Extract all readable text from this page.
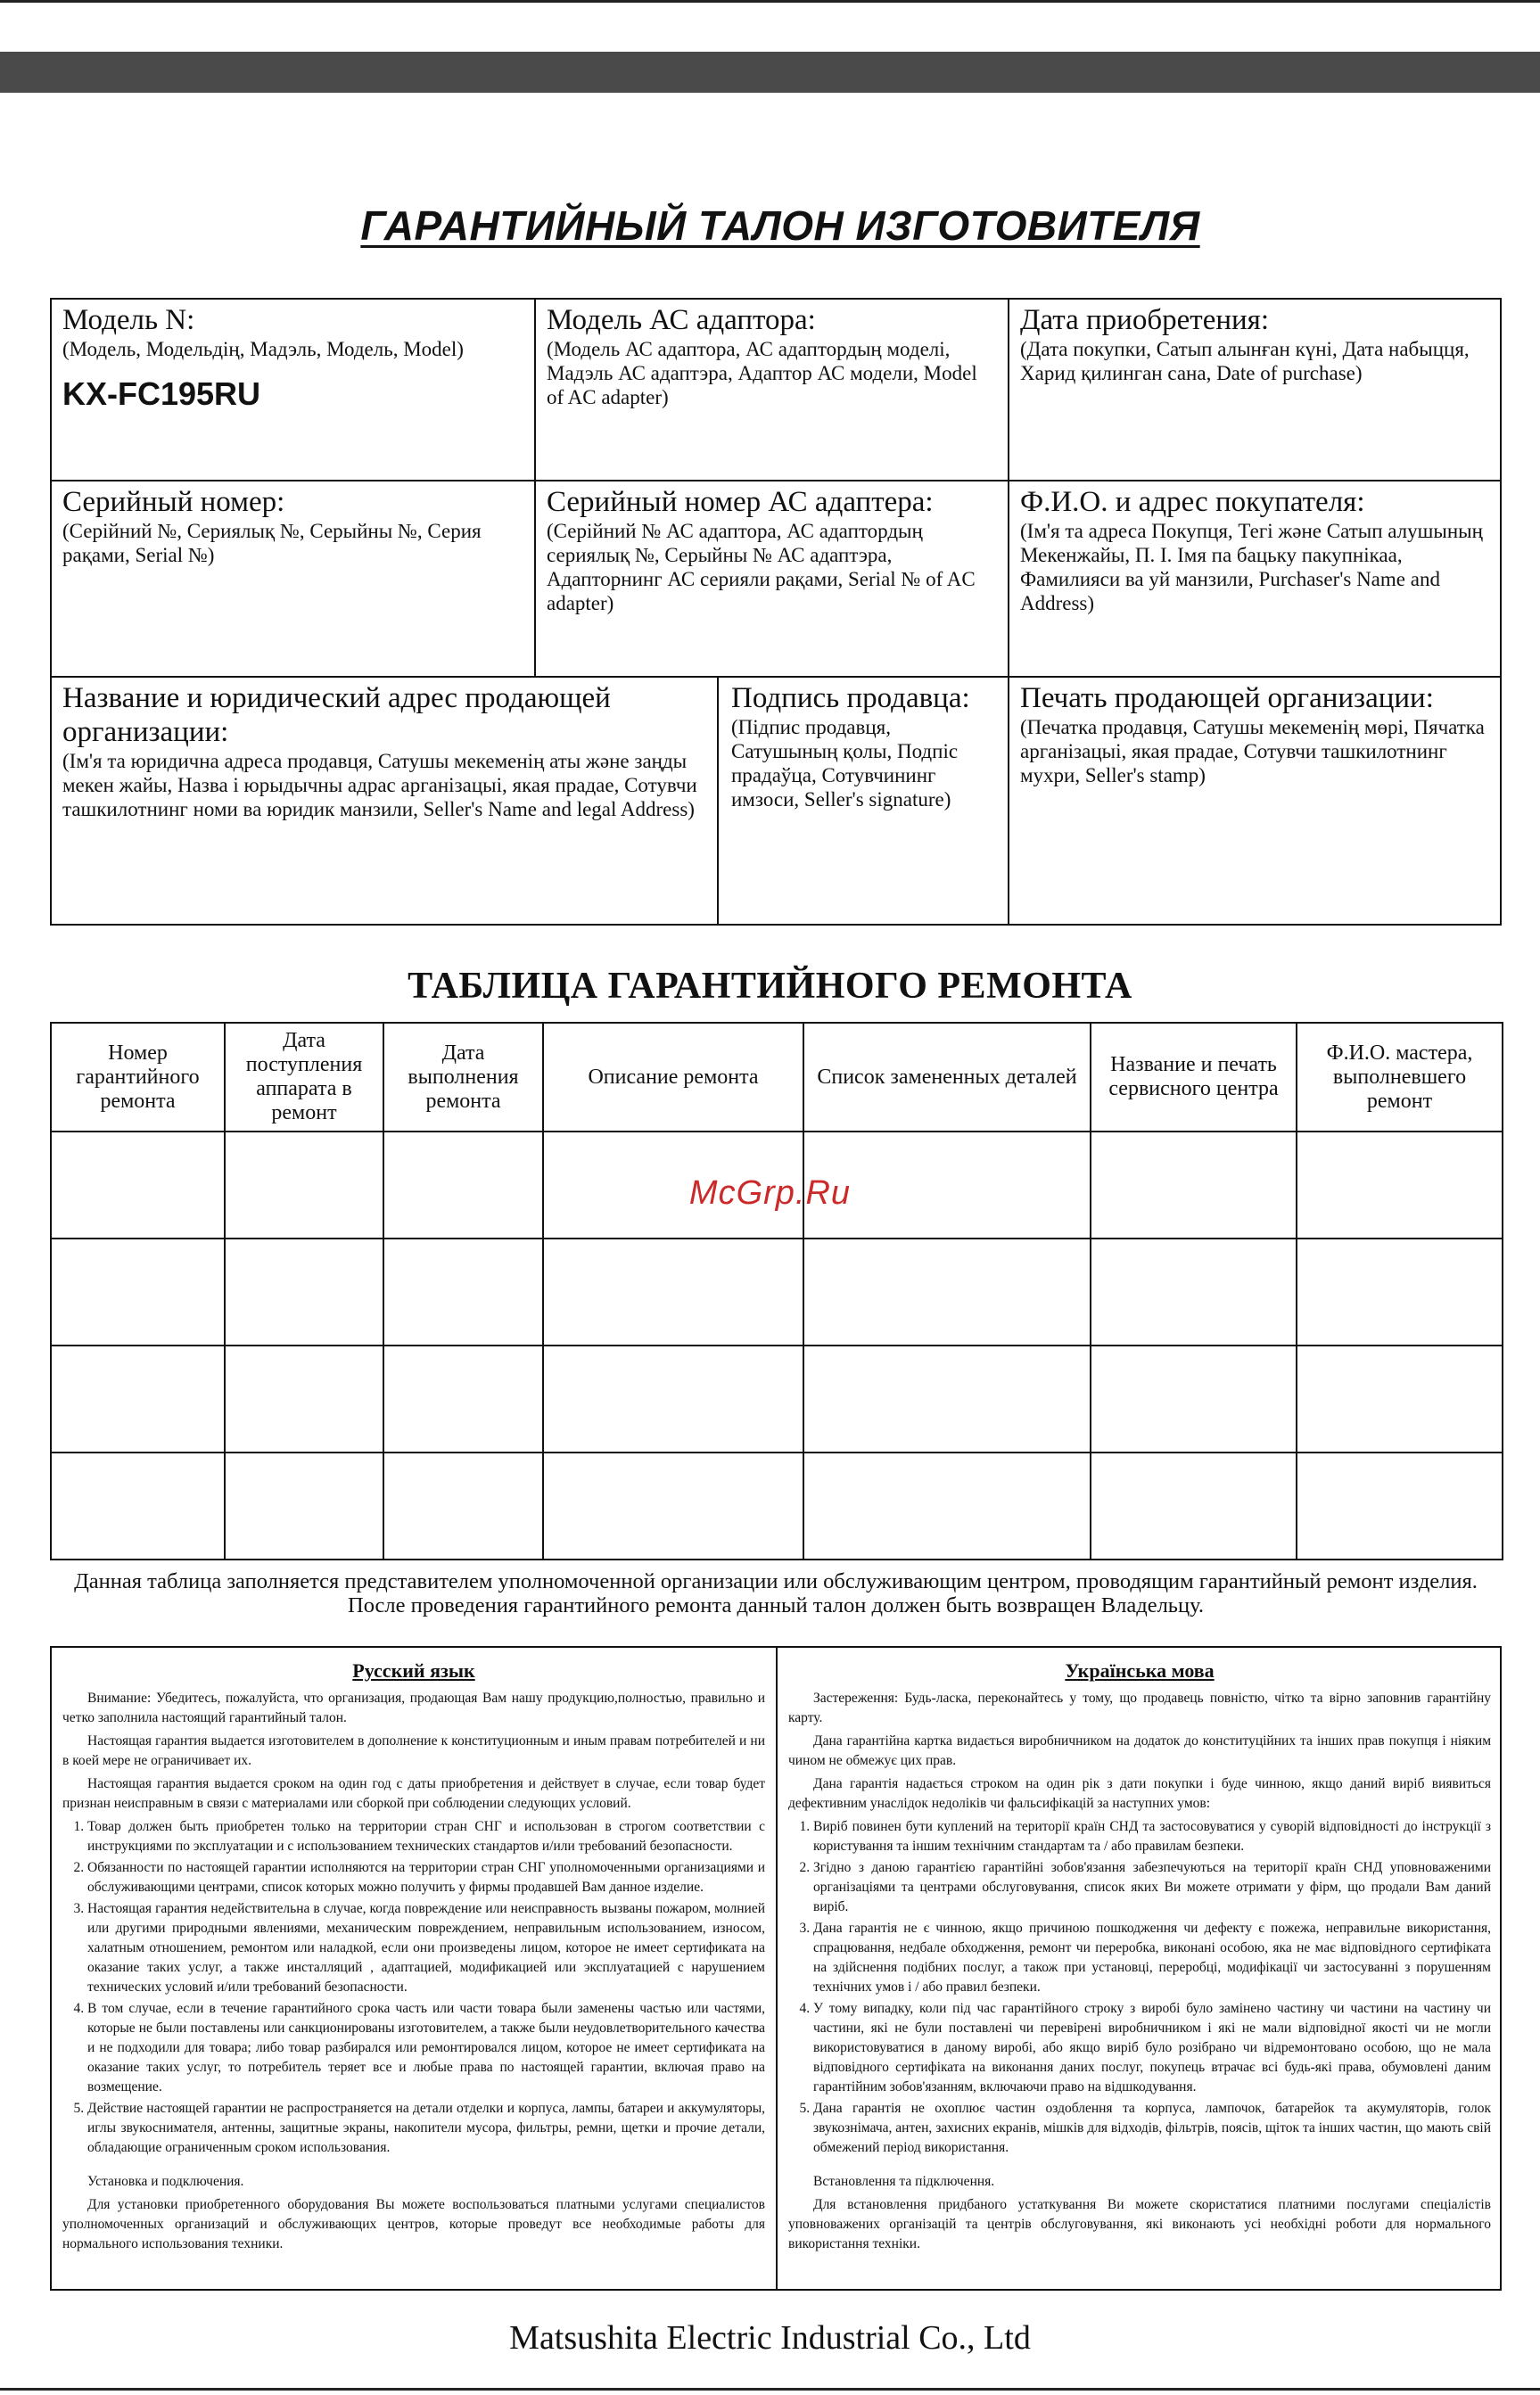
ГАРАНТИЙНЫЙ ТАЛОН ИЗГОТОВИТЕЛЯ
Модель N:
(Модель, Модельдің, Мадэль, Модель, Model)
KX-FC195RU
Модель АС адаптора:
(Модель АС адаптора, АС адаптордың моделі, Мадэль АС адаптэра, Адаптор АС модели, Model of AC adapter)
Дата приобретения:
(Дата покупки, Сатып алынған күні, Дата набыцця, Харид қилинган сана, Date of purchase)
Серийный номер:
(Серійний №, Сериялық №, Серыйны №, Серия рақами, Serial №)
Серийный номер АС адаптера:
(Серійний № АС адаптора, АС адаптордың сериялық №, Серыйны № АС адаптэра, Адапторнинг АС серияли рақами, Serial № of AC adapter)
Ф.И.О. и адрес покупателя:
(Ім'я та адреса Покупця, Тегі және Сатып алушының Мекенжайы, П. І. Імя па бацьку пакупнікаа, Фамилияси ва уй манзили, Purchaser's Name and Address)
Название и юридический адрес продающей организации:
(Ім'я та юридична адреса продавця, Сатушы мекеменің аты және заңды мекен жайы, Назва і юрыдычны адрас арганізацыі, якая прадае, Сотувчи ташкилотнинг номи ва юридик манзили, Seller's Name and legal Address)
Подпись продавца:
(Підпис продавця, Сатушының қолы, Подпіс прадаўца, Сотувчининг имзоси, Seller's signature)
Печать продающей организации:
(Печатка продавця, Сатушы мекеменің мөрі, Пячатка арганізацыі, якая прадае, Сотувчи ташкилотнинг мухри, Seller's stamp)
ТАБЛИЦА ГАРАНТИЙНОГО РЕМОНТА
Номер гарантийного ремонта	Дата поступления аппарата в ремонт	Дата выполнения ремонта	Описание ремонта	Список замененных деталей	Название и печать сервисного центра	Ф.И.О. мастера, выполневшего ремонт

McGrp.Ru
Данная таблица заполняется представителем уполномоченной организации или обслуживающим центром, проводящим гарантийный ремонт изделия.
После проведения гарантийного ремонта данный талон должен быть возвращен Владельцу.
Русский язык

Внимание: Убедитесь, пожалуйста, что организация, продающая Вам нашу продукцию,полностью, правильно и четко заполнила настоящий гарантийный талон.

Настоящая гарантия выдается изготовителем в дополнение к конституционным и иным правам потребителей и ни в коей мере не ограничивает их.

Настоящая гарантия выдается сроком на один год с даты приобретения и действует в случае, если товар будет признан неисправным в связи с материалами или сборкой при соблюдении следующих условий.

1. Товар должен быть приобретен только на территории стран СНГ и использован в строгом соответствии с инструкциями по эксплуатации и с использованием технических стандартов и/или требований безопасности.
2. Обязанности по настоящей гарантии исполняются на территории стран СНГ уполномоченными организациями и обслуживающими центрами, список которых можно получить у фирмы продавшей Вам данное изделие.
3. Настоящая гарантия недействительна в случае, когда повреждение или неисправность вызваны пожаром, молнией или другими природными явлениями, механическим повреждением, неправильным использованием, износом, халатным отношением, ремонтом или наладкой, если они произведены лицом, которое не имеет сертификата на оказание таких услуг, а также инсталляций , адаптацией, модификацией или эксплуатацией с нарушением технических условий и/или требований безопасности.
4. В том случае, если в течение гарантийного срока часть или части товара были заменены частью или частями, которые не были поставлены или санкционированы изготовителем, а также были неудовлетворительного качества и не подходили для товара; либо товар разбирался или ремонтировался лицом, которое не имеет сертификата на оказание таких услуг, то потребитель теряет все и любые права по настоящей гарантии, включая право на возмещение.
5. Действие настоящей гарантии не распространяется на детали отделки и корпуса, лампы, батареи и аккумуляторы, иглы звукоснимателя, антенны, защитные экраны, накопители мусора, фильтры, ремни, щетки и прочие детали, обладающие ограниченным сроком использования.

Установка и подключения.

Для установки приобретенного оборудования Вы можете воспользоваться платными услугами специалистов уполномоченных организаций и обслуживающих центров, которые проведут все необходимые работы для нормального использования техники.

Українська мова

Застереження: Будь-ласка, переконайтесь у тому, що продавець повністю, чітко та вірно заповнив гарантійну карту.

Дана гарантійна картка видається виробничником на додаток до конституційних та інших прав покупця і ніяким чином не обмежує цих прав.

Дана гарантія надається строком на один рік з дати покупки і буде чинною, якщо даний виріб виявиться дефективним унаслідок недоліків чи фальсифікацій за наступних умов:

1. Виріб повинен бути куплений на території країн СНД та застосовуватися у суворій відповідності до інструкції з користування та іншим технічним стандартам та / або правилам безпеки.
2. Згідно з даною гарантією гарантійні зобов'язання забезпечуються на території країн СНД уповноваженими організаціями та центрами обслуговування, список яких Ви можете отримати у фірм, що продали Вам даний виріб.
3. Дана гарантія не є чинною, якщо причиною пошкодження чи дефекту є пожежа, неправильне використання, спрацювання, недбале обходження, ремонт чи переробка, виконані особою, яка не має відповідного сертифіката на здійснення подібних послуг, а також при установці, переробці, модифікації чи застосуванні з порушенням технічних умов і / або правил безпеки.
4. У тому випадку, коли під час гарантійного строку з виробі було замінено частину чи частини на частину чи частини, які не були поставлені чи перевірені виробничником і які не мали відповідної якості чи не могли використовуватися в даному виробі, або якщо виріб було розібрано чи відремонтовано особою, що не мала відповідного сертифіката на виконання даних послуг, покупець втрачає всі будь-які права, обумовлені даним гарантійним зобов'язанням, включаючи право на відшкодування.
5. Дана гарантія не охоплює частин оздоблення та корпуса, лампочок, батарейок та акумуляторів, голок звукознімача, антен, захисних екранів, мішків для відходів, фільтрів, поясів, щіток та інших частин, що мають свій обмежений період використання.

Встановлення та підключення.

Для встановлення придбаного устаткування Ви можете скористатися платними послугами спеціалістів уповноважених організацій та центрів обслуговування, які виконають усі необхідні роботи для нормального використання техніки.

Matsushita Electric Industrial Co., Ltd
